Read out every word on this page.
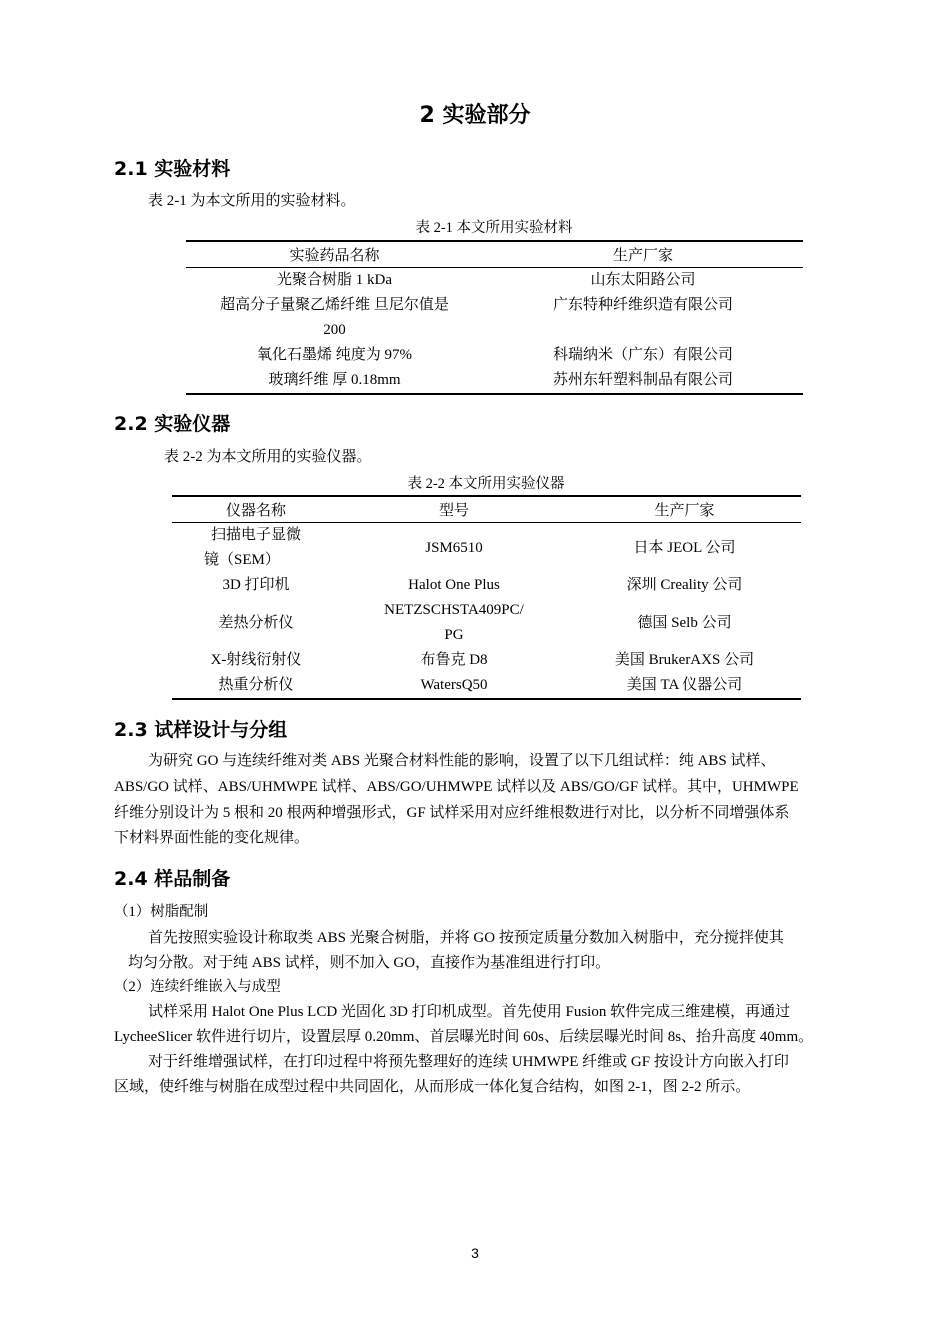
2 实验部分
2.1 实验材料
表 2-1 为本文所用的实验材料。
表 2-1 本文所用实验材料
实验药品名称	生产厂家
光聚合树脂 1 kDa	山东太阳路公司
超高分子量聚乙烯纤维 旦尼尔值是	广东特种纤维织造有限公司
200	
氧化石墨烯 纯度为 97%	科瑞纳米（广东）有限公司
玻璃纤维 厚 0.18mm	苏州东轩塑料制品有限公司
2.2 实验仪器
表 2-2 为本文所用的实验仪器。
表 2-2 本文所用实验仪器
仪器名称	型号	生产厂家
扫描电子显微	JSM6510	日本 JEOL 公司
镜（SEM）		
3D 打印机	Halot One Plus	深圳 Creality 公司
差热分析仪	NETZSCHSTA409PC/	德国 Selb 公司

	PG	
X-射线衍射仪	布鲁克 D8	美国 BrukerAXS 公司
热重分析仪	WatersQ50	美国 TA 仪器公司
2.3 试样设计与分组
为研究 GO 与连续纤维对类 ABS 光聚合材料性能的影响，设置了以下几组试样：纯 ABS 试样、
ABS/GO 试样、ABS/UHMWPE 试样、ABS/GO/UHMWPE 试样以及 ABS/GO/GF 试样。其中，UHMWPE
纤维分别设计为 5 根和 20 根两种增强形式，GF 试样采用对应纤维根数进行对比，以分析不同增强体系
下材料界面性能的变化规律。
2.4 样品制备
（1）树脂配制
首先按照实验设计称取类 ABS 光聚合树脂，并将 GO 按预定质量分数加入树脂中，充分搅拌使其
均匀分散。对于纯 ABS 试样，则不加入 GO，直接作为基准组进行打印。
（2）连续纤维嵌入与成型
试样采用 Halot One Plus LCD 光固化 3D 打印机成型。首先使用 Fusion 软件完成三维建模，再通过
LycheeSlicer 软件进行切片，设置层厚 0.20mm、首层曝光时间 60s、后续层曝光时间 8s、抬升高度 40mm。
对于纤维增强试样，在打印过程中将预先整理好的连续 UHMWPE 纤维或 GF 按设计方向嵌入打印
区域，使纤维与树脂在成型过程中共同固化，从而形成一体化复合结构，如图 2-1，图 2-2 所示。
3
